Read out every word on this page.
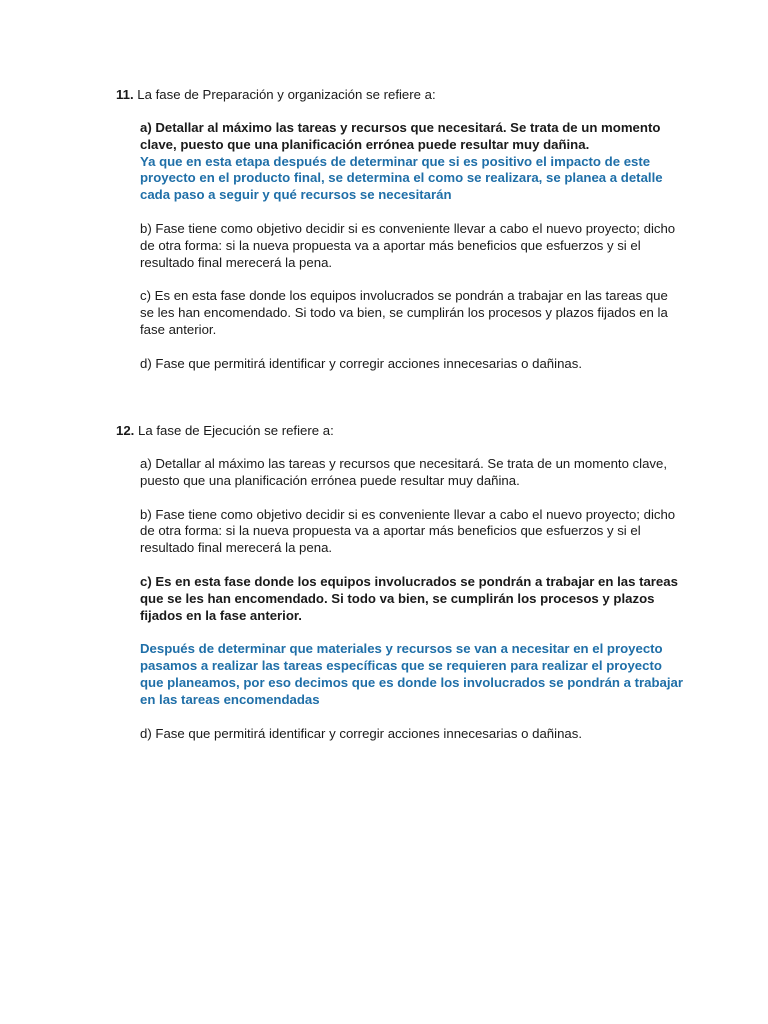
11. La fase de Preparación y organización se refiere a:
a) Detallar al máximo las tareas y recursos que necesitará. Se trata de un momento clave, puesto que una planificación errónea puede resultar muy dañina.
Ya que en esta etapa después de determinar que si es positivo el impacto de este proyecto en el producto final, se determina el como se realizara, se planea a detalle cada paso a seguir y qué recursos se necesitarán
b) Fase tiene como objetivo decidir si es conveniente llevar a cabo el nuevo proyecto; dicho de otra forma: si la nueva propuesta va a aportar más beneficios que esfuerzos y si el resultado final merecerá la pena.
c) Es en esta fase donde los equipos involucrados se pondrán a trabajar en las tareas que se les han encomendado. Si todo va bien, se cumplirán los procesos y plazos fijados en la fase anterior.
d) Fase que permitirá identificar y corregir acciones innecesarias o dañinas.
12. La fase de Ejecución se refiere a:
a) Detallar al máximo las tareas y recursos que necesitará. Se trata de un momento clave, puesto que una planificación errónea puede resultar muy dañina.
b) Fase tiene como objetivo decidir si es conveniente llevar a cabo el nuevo proyecto; dicho de otra forma: si la nueva propuesta va a aportar más beneficios que esfuerzos y si el resultado final merecerá la pena.
c) Es en esta fase donde los equipos involucrados se pondrán a trabajar en las tareas que se les han encomendado. Si todo va bien, se cumplirán los procesos y plazos fijados en la fase anterior.
Después de determinar que materiales y recursos se van a necesitar en el proyecto pasamos a realizar las tareas específicas que se requieren para realizar el proyecto que planeamos, por eso decimos que es donde los involucrados se pondrán a trabajar en las tareas encomendadas
d) Fase que permitirá identificar y corregir acciones innecesarias o dañinas.
